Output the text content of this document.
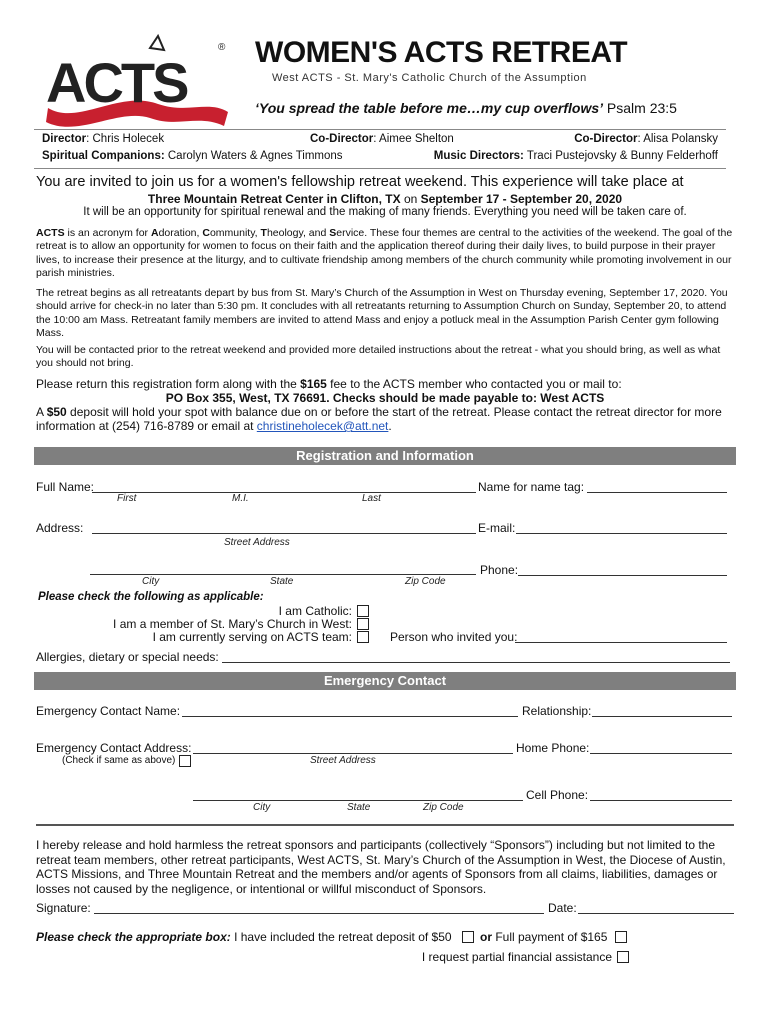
ACTS
® WOMEN'S ACTS RETREAT
West ACTS - St. Mary's Catholic Church of the Assumption
‘You spread the table before me…my cup overflows’ Psalm 23:5
Director: Chris Holecek	Co-Director: Aimee Shelton	Co-Director: Alisa Polansky
Spiritual Companions: Carolyn Waters & Agnes Timmons	Music Directors: Traci Pustejovsky & Bunny Felderhoff
You are invited to join us for a women's fellowship retreat weekend. This experience will take place at
Three Mountain Retreat Center in Clifton, TX on September 17 - September 20, 2020
It will be an opportunity for spiritual renewal and the making of many friends. Everything you need will be taken care of.
ACTS is an acronym for Adoration, Community, Theology, and Service. These four themes are central to the activities of the weekend. The goal of the retreat is to allow an opportunity for women to focus on their faith and the application thereof during their daily lives, to build purpose in their prayer lives, to increase their presence at the liturgy, and to cultivate friendship among members of the church community while promoting involvement in our parish ministries.
The retreat begins as all retreatants depart by bus from St. Mary’s Church of the Assumption in West on Thursday evening, September 17, 2020. You should arrive for check-in no later than 5:30 pm. It concludes with all retreatants returning to Assumption Church on Sunday, September 20, to attend the 10:00 am Mass. Retreatant family members are invited to attend Mass and enjoy a potluck meal in the Assumption Parish Center gym following Mass.
You will be contacted prior to the retreat weekend and provided more detailed instructions about the retreat - what you should bring, as well as what you should not bring.
Please return this registration form along with the $165 fee to the ACTS member who contacted you or mail to:
PO Box 355, West, TX 76691. Checks should be made payable to: West ACTS
A $50 deposit will hold your spot with balance due on or before the start of the retreat. Please contact the retreat director for more information at (254) 716-8789 or email at christineholecek@att.net.
Registration and Information
Full Name:
First	M.I.	Last
Name for name tag:
Address:	E-mail:
Street Address
Phone:
City	State	Zip Code
Please check the following as applicable:
I am Catholic:
I am a member of St. Mary’s Church in West:
I am currently serving on ACTS team:	Person who invited you:
Allergies, dietary or special needs:
Emergency Contact
Emergency Contact Name:	Relationship:
Emergency Contact Address:	Home Phone:
(Check if same as above)	Street Address
Cell Phone:
City	State	Zip Code
I hereby release and hold harmless the retreat sponsors and participants (collectively “Sponsors”) including but not limited to the retreat team members, other retreat participants, West ACTS, St. Mary’s Church of the Assumption in West, the Diocese of Austin, ACTS Missions, and Three Mountain Retreat and the members and/or agents of Sponsors from all claims, liabilities, damages or losses not caused by the negligence, or intentional or willful misconduct of Sponsors.
Signature:	Date:
Please check the appropriate box: I have included the retreat deposit of $50 or Full payment of $165
I request partial financial assistance
